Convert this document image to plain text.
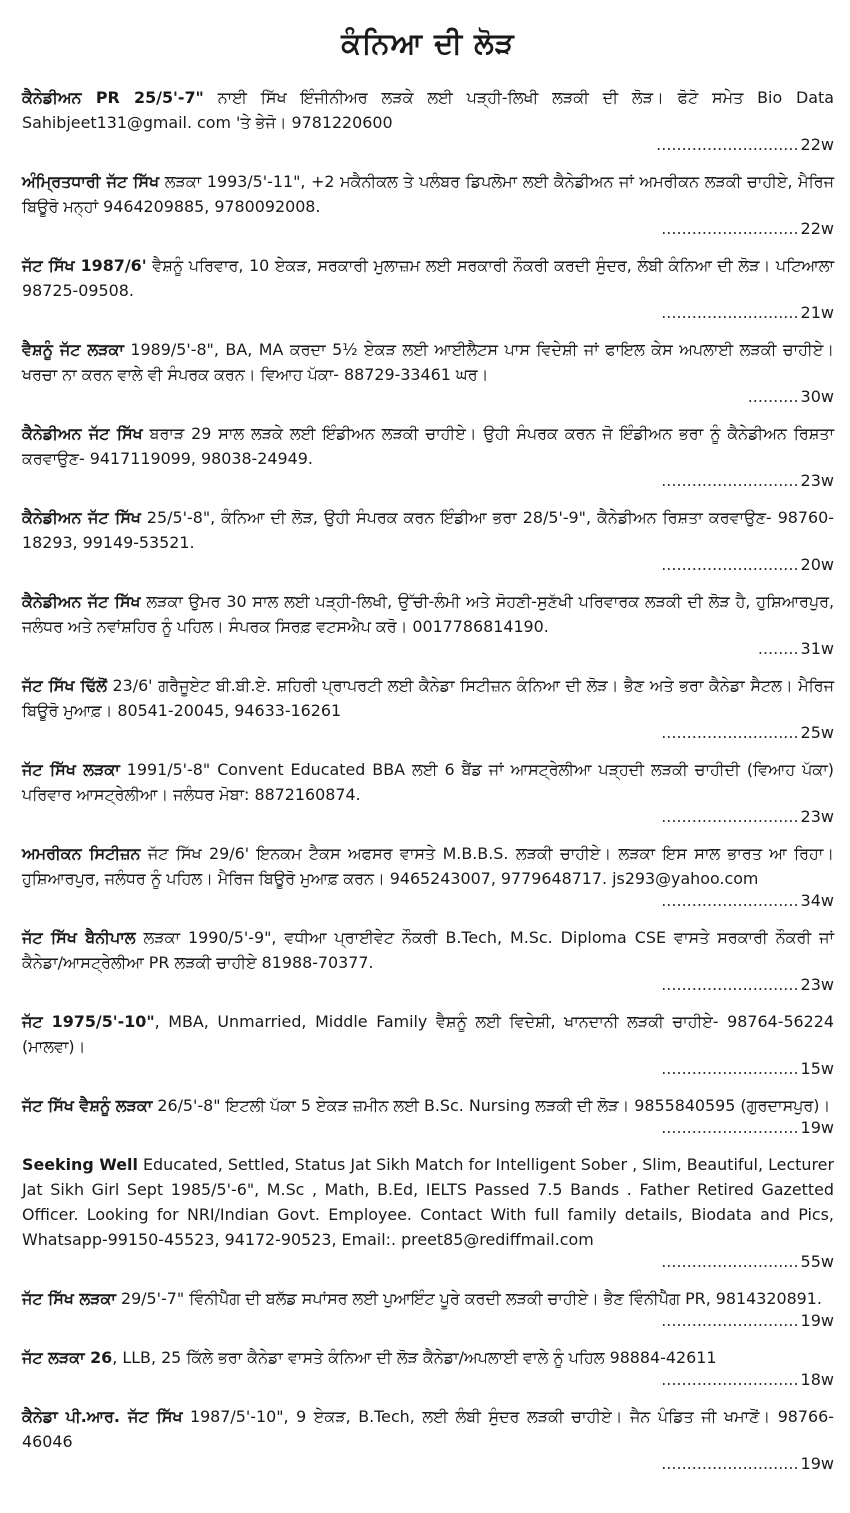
ਕੰਨਿਆ ਦੀ ਲੋੜ
ਕੈਨੇਡੀਅਨ PR 25/5'-7" ਨਾਈ ਸਿੱਖ ਇੰਜੀਨੀਅਰ ਲੜਕੇ ਲਈ ਪੜ੍ਹੀ-ਲਿਖੀ ਲੜਕੀ ਦੀ ਲੋੜ। ਫੋਟੋ ਸਮੇਤ Bio Data Sahibjeet131@gmail. com 'ਤੇ ਭੇਜੋ। 9781220600
............................ 22w
ਅੰਮ੍ਰਿਤਧਾਰੀ ਜੱਟ ਸਿੱਖ ਲੜਕਾ 1993/5'-11", +2 ਮਕੈਨੀਕਲ ਤੇ ਪਲੰਬਰ ਡਿਪਲੋਮਾ ਲਈ ਕੈਨੇਡੀਅਨ ਜਾਂ ਅਮਰੀਕਨ ਲੜਕੀ ਚਾਹੀਏ, ਮੈਰਿਜ ਬਿਊਰੋ ਮਨ੍ਹਾਂ 9464209885, 9780092008.
........................... 22w
ਜੱਟ ਸਿੱਖ 1987/6' ਵੈਸ਼ਨੂੰ ਪਰਿਵਾਰ, 10 ਏਕੜ, ਸਰਕਾਰੀ ਮੁਲਾਜ਼ਮ ਲਈ ਸਰਕਾਰੀ ਨੌਕਰੀ ਕਰਦੀ ਸੁੰਦਰ, ਲੰਬੀ ਕੰਨਿਆ ਦੀ ਲੋੜ। ਪਟਿਆਲਾ 98725-09508.
........................... 21w
ਵੈਸ਼ਨੂੰ ਜੱਟ ਲੜਕਾ 1989/5'-8", BA, MA ਕਰਦਾ 5½ ਏਕੜ ਲਈ ਆਈਲੈਟਸ ਪਾਸ ਵਿਦੇਸ਼ੀ ਜਾਂ ਫਾਇਲ ਕੇਸ ਅਪਲਾਈ ਲੜਕੀ ਚਾਹੀਏ। ਖਰਚਾ ਨਾ ਕਰਨ ਵਾਲੇ ਵੀ ਸੰਪਰਕ ਕਰਨ। ਵਿਆਹ ਪੱਕਾ- 88729-33461 ਘਰ।
.......... 30w
ਕੈਨੇਡੀਅਨ ਜੱਟ ਸਿੱਖ ਬਰਾੜ 29 ਸਾਲ ਲੜਕੇ ਲਈ ਇੰਡੀਅਨ ਲੜਕੀ ਚਾਹੀਏ। ਉਹੀ ਸੰਪਰਕ ਕਰਨ ਜੋ ਇੰਡੀਅਨ ਭਰਾ ਨੂੰ ਕੈਨੇਡੀਅਨ ਰਿਸ਼ਤਾ ਕਰਵਾਉਣ- 9417119099, 98038-24949.
........................... 23w
ਕੈਨੇਡੀਅਨ ਜੱਟ ਸਿੱਖ 25/5'-8", ਕੰਨਿਆ ਦੀ ਲੋੜ, ਉਹੀ ਸੰਪਰਕ ਕਰਨ ਇੰਡੀਆ ਭਰਾ 28/5'-9", ਕੈਨੇਡੀਅਨ ਰਿਸ਼ਤਾ ਕਰਵਾਉਣ- 98760-18293, 99149-53521.
........................... 20w
ਕੈਨੇਡੀਅਨ ਜੱਟ ਸਿੱਖ ਲੜਕਾ ਉਮਰ 30 ਸਾਲ ਲਈ ਪੜ੍ਹੀ-ਲਿਖੀ, ਉੱਚੀ-ਲੰਮੀ ਅਤੇ ਸੋਹਣੀ-ਸੁਣੱਖੀ ਪਰਿਵਾਰਕ ਲੜਕੀ ਦੀ ਲੋੜ ਹੈ, ਹੁਸ਼ਿਆਰਪੁਰ, ਜਲੰਧਰ ਅਤੇ ਨਵਾਂਸ਼ਹਿਰ ਨੂੰ ਪਹਿਲ। ਸੰਪਰਕ ਸਿਰਫ਼ ਵਟਸਐਪ ਕਰੋ। 0017786814190.
........ 31w
ਜੱਟ ਸਿੱਖ ਢਿੱਲੋਂ 23/6' ਗਰੈਜੂਏਟ ਬੀ.ਬੀ.ਏ. ਸ਼ਹਿਰੀ ਪ੍ਰਾਪਰਟੀ ਲਈ ਕੈਨੇਡਾ ਸਿਟੀਜ਼ਨ ਕੰਨਿਆ ਦੀ ਲੋੜ। ਭੈਣ ਅਤੇ ਭਰਾ ਕੈਨੇਡਾ ਸੈਟਲ। ਮੈਰਿਜ ਬਿਊਰੋ ਮੁਆਫ਼। 80541-20045, 94633-16261
........................... 25w
ਜੱਟ ਸਿੱਖ ਲੜਕਾ 1991/5'-8" Convent Educated BBA ਲਈ 6 ਬੈਂਡ ਜਾਂ ਆਸਟ੍ਰੇਲੀਆ ਪੜ੍ਹਦੀ ਲੜਕੀ ਚਾਹੀਦੀ (ਵਿਆਹ ਪੱਕਾ) ਪਰਿਵਾਰ ਆਸਟ੍ਰੇਲੀਆ। ਜਲੰਧਰ ਮੋਬਾ: 8872160874.
........................... 23w
ਅਮਰੀਕਨ ਸਿਟੀਜ਼ਨ ਜੱਟ ਸਿੱਖ 29/6' ਇਨਕਮ ਟੈਕਸ ਅਫਸਰ ਵਾਸਤੇ M.B.B.S. ਲੜਕੀ ਚਾਹੀਏ। ਲੜਕਾ ਇਸ ਸਾਲ ਭਾਰਤ ਆ ਰਿਹਾ। ਹੁਸ਼ਿਆਰਪੁਰ, ਜਲੰਧਰ ਨੂੰ ਪਹਿਲ। ਮੈਰਿਜ ਬਿਊਰੋ ਮੁਆਫ਼ ਕਰਨ। 9465243007, 9779648717. js293@yahoo.com
........................... 34w
ਜੱਟ ਸਿੱਖ ਬੈਨੀਪਾਲ ਲੜਕਾ 1990/5'-9", ਵਧੀਆ ਪ੍ਰਾਈਵੇਟ ਨੌਕਰੀ B.Tech, M.Sc. Diploma CSE ਵਾਸਤੇ ਸਰਕਾਰੀ ਨੌਕਰੀ ਜਾਂ ਕੈਨੇਡਾ/ਆਸਟ੍ਰੇਲੀਆ PR ਲੜਕੀ ਚਾਹੀਏ 81988-70377.
........................... 23w
ਜੱਟ 1975/5'-10", MBA, Unmarried, Middle Family ਵੈਸ਼ਨੂੰ ਲਈ ਵਿਦੇਸ਼ੀ, ਖਾਨਦਾਨੀ ਲੜਕੀ ਚਾਹੀਏ- 98764-56224 (ਮਾਲਵਾ)।
........................... 15w
ਜੱਟ ਸਿੱਖ ਵੈਸ਼ਨੂੰ ਲੜਕਾ 26/5'-8" ਇਟਲੀ ਪੱਕਾ 5 ਏਕੜ ਜ਼ਮੀਨ ਲਈ B.Sc. Nursing ਲੜਕੀ ਦੀ ਲੋੜ। 9855840595 (ਗੁਰਦਾਸਪੁਰ)।
........................... 19w
Seeking Well Educated, Settled, Status Jat Sikh Match for Intelligent Sober , Slim, Beautiful, Lecturer Jat Sikh Girl Sept 1985/5'-6", M.Sc , Math, B.Ed, IELTS Passed 7.5 Bands . Father Retired Gazetted Officer. Looking for NRI/Indian Govt. Employee. Contact With full family details, Biodata and Pics, Whatsapp-99150-45523, 94172-90523, Email:. preet85@rediffmail.com
........................... 55w
ਜੱਟ ਸਿੱਖ ਲੜਕਾ 29/5'-7" ਵਿੰਨੀਪੈੱਗ ਦੀ ਬਲੱਡ ਸਪਾਂਸਰ ਲਈ ਪੁਆਇੰਟ ਪੂਰੇ ਕਰਦੀ ਲੜਕੀ ਚਾਹੀਏ। ਭੈਣ ਵਿੰਨੀਪੈੱਗ PR, 9814320891.
........................... 19w
ਜੱਟ ਲੜਕਾ 26, LLB, 25 ਕਿੱਲੇ ਭਰਾ ਕੈਨੇਡਾ ਵਾਸਤੇ ਕੰਨਿਆ ਦੀ ਲੋੜ ਕੈਨੇਡਾ/ਅਪਲਾਈ ਵਾਲੇ ਨੂੰ ਪਹਿਲ 98884-42611
........................... 18w
ਕੈਨੇਡਾ ਪੀ.ਆਰ. ਜੱਟ ਸਿੱਖ 1987/5'-10", 9 ਏਕੜ, B.Tech, ਲਈ ਲੰਬੀ ਸੁੰਦਰ ਲੜਕੀ ਚਾਹੀਏ। ਜੈਨ ਪੰਡਿਤ ਜੀ ਖਮਾਣੋਂ। 98766-46046
........................... 19w
